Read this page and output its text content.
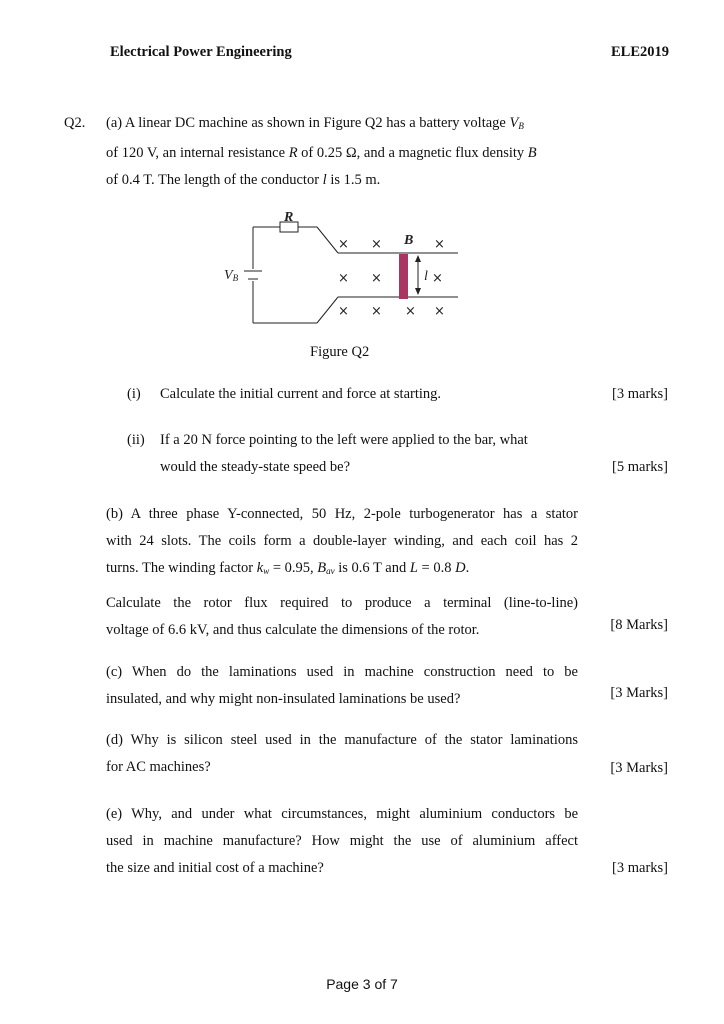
Electrical Power Engineering	ELE2019
Q2. (a) A linear DC machine as shown in Figure Q2 has a battery voltage $V_B$
of 120 V, an internal resistance R of 0.25 Ω, and a magnetic flux density B
of 0.4 T. The length of the conductor l is 1.5 m.
R
VB
B
l
× ×	×
× ×	×
× × × ×
Figure Q2
(i) Calculate the initial current and force at starting.	[3 marks]
(ii) If a 20 N force pointing to the left were applied to the bar, what
would the steady-state speed be?	[5 marks]
(b) A three phase Y-connected, 50 Hz, 2-pole turbogenerator has a stator
with 24 slots. The coils form a double-layer winding, and each coil has 2
turns. The winding factor $k_w = 0.95$, $B_{av}$ is 0.6 T and L = 0.8 D.
Calculate the rotor flux required to produce a terminal (line-to-line)
voltage of 6.6 kV, and thus calculate the dimensions of the rotor.	[8 Marks]
(c) When do the laminations used in machine construction need to be
insulated, and why might non-insulated laminations be used?	[3 Marks]
(d) Why is silicon steel used in the manufacture of the stator laminations
for AC machines?	[3 Marks]
(e) Why, and under what circumstances, might aluminium conductors be
used in machine manufacture? How might the use of aluminium affect
the size and initial cost of a machine?	[3 marks]
Page 3 of 7
